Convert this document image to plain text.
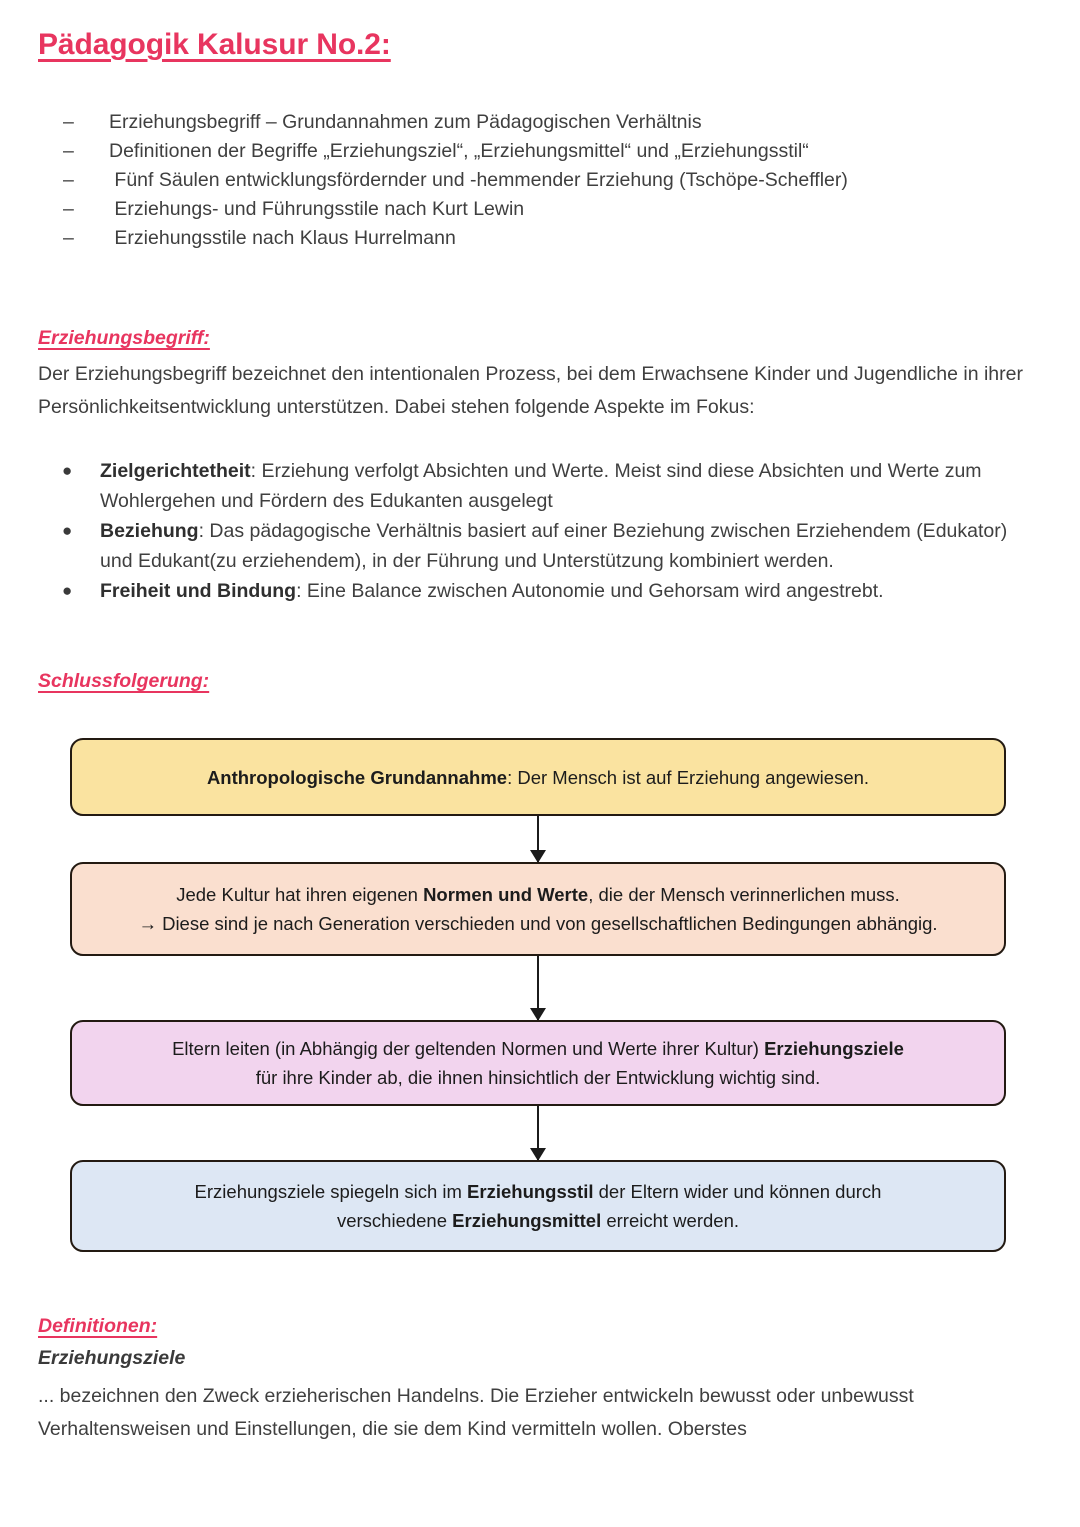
Pädagogik Kalusur No.2:
–	Erziehungsbegriff – Grundannahmen zum Pädagogischen Verhältnis
–	Definitionen der Begriffe „Erziehungsziel“, „Erziehungsmittel“ und „Erziehungsstil“
–	Fünf Säulen entwicklungsfördernder und -hemmender Erziehung (Tschöpe-Scheffler)
–	Erziehungs- und Führungsstile nach Kurt Lewin
–	Erziehungsstile nach Klaus Hurrelmann
Erziehungsbegriff:
Der Erziehungsbegriff bezeichnet den intentionalen Prozess, bei dem Erwachsene Kinder und Jugendliche in ihrer Persönlichkeitsentwicklung unterstützen. Dabei stehen folgende Aspekte im Fokus:
●	Zielgerichtetheit: Erziehung verfolgt Absichten und Werte. Meist sind diese Absichten und Werte zum Wohlergehen und Fördern des Edukanten ausgelegt
●	Beziehung: Das pädagogische Verhältnis basiert auf einer Beziehung zwischen Erziehendem (Edukator) und Edukant(zu erziehendem), in der Führung und Unterstützung kombiniert werden.
●	Freiheit und Bindung: Eine Balance zwischen Autonomie und Gehorsam wird angestrebt.
Schlussfolgerung:
Anthropologische Grundannahme: Der Mensch ist auf Erziehung angewiesen.
Jede Kultur hat ihren eigenen Normen und Werte, die der Mensch verinnerlichen muss.
→ Diese sind je nach Generation verschieden und von gesellschaftlichen Bedingungen abhängig.
Eltern leiten (in Abhängig der geltenden Normen und Werte ihrer Kultur) Erziehungsziele
für ihre Kinder ab, die ihnen hinsichtlich der Entwicklung wichtig sind.
Erziehungsziele spiegeln sich im Erziehungsstil der Eltern wider und können durch
verschiedene Erziehungsmittel erreicht werden.
Definitionen:
Erziehungsziele
... bezeichnen den Zweck erzieherischen Handelns. Die Erzieher entwickeln bewusst oder unbewusst Verhaltensweisen und Einstellungen, die sie dem Kind vermitteln wollen. Oberstes
